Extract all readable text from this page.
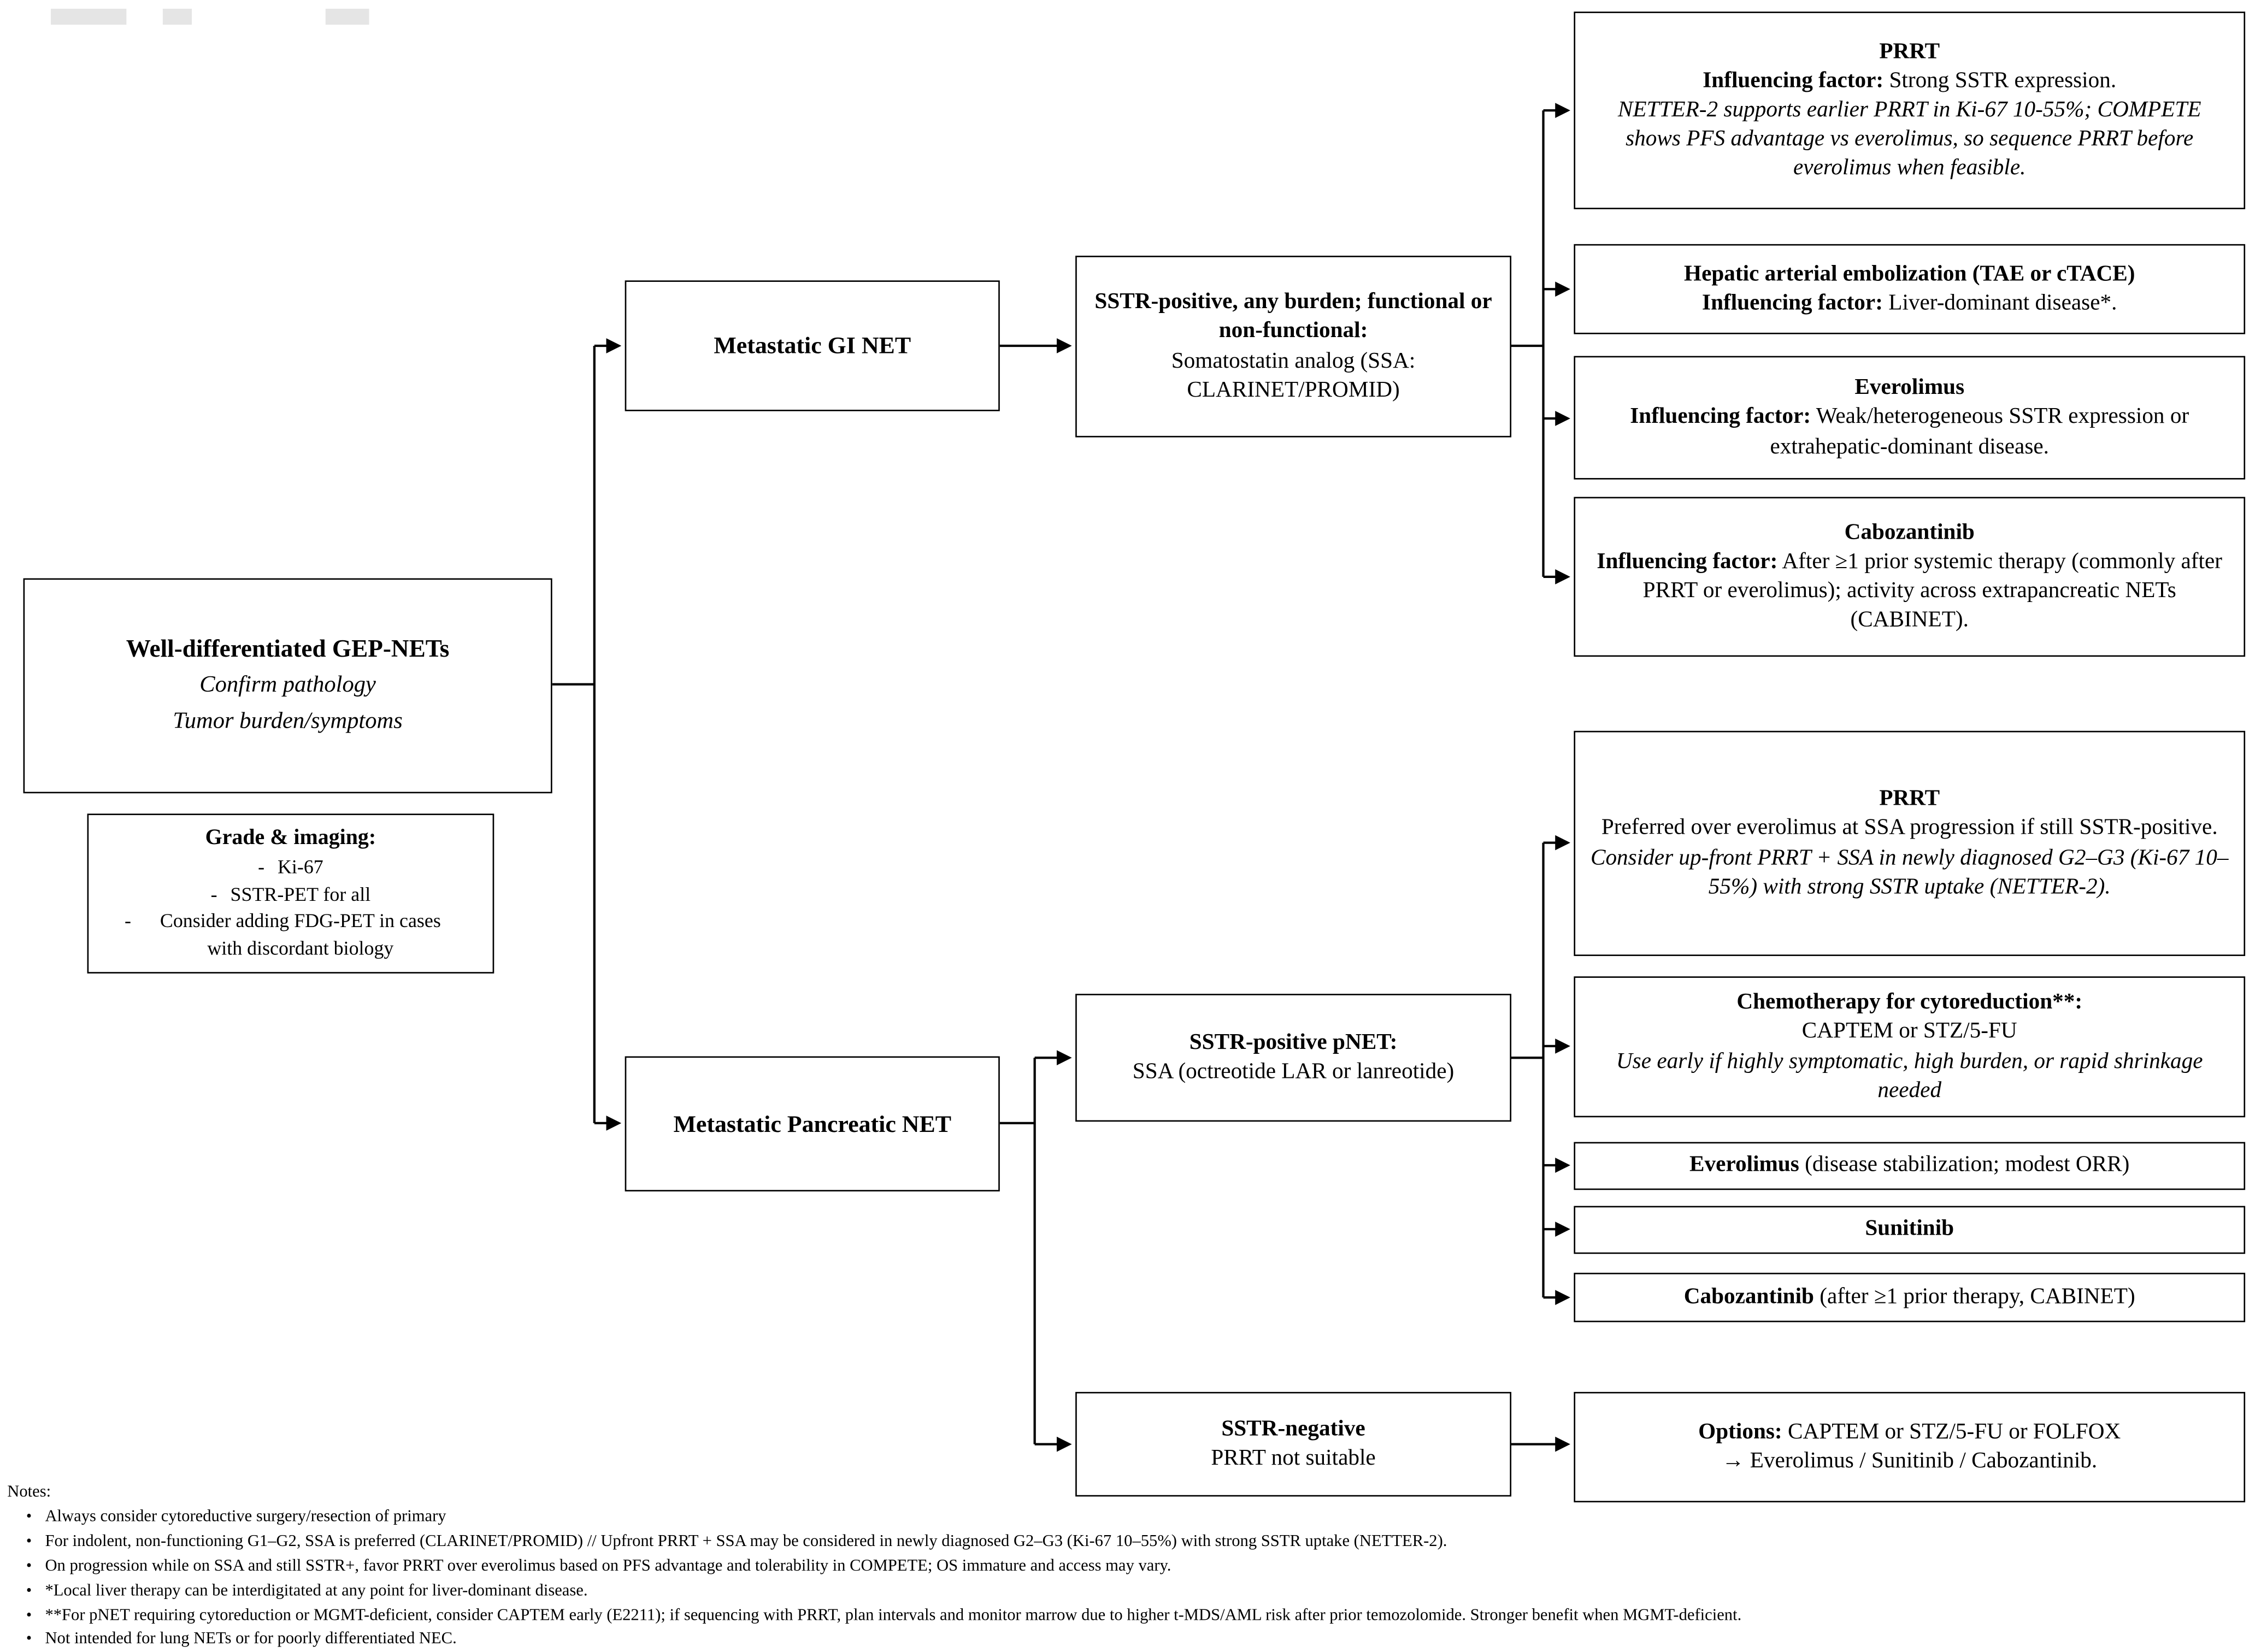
Well-differentiated GEP-NETs
Confirm pathology
Tumor burden/symptoms
Grade & imaging:
- Ki-67
- SSTR-PET for all
-	Consider adding FDG-PET in cases with discordant biology
Metastatic GI NET
Metastatic Pancreatic NET
SSTR-positive, any burden; functional or non-functional:
Somatostatin analog (SSA: CLARINET/PROMID)
SSTR-positive pNET:
SSA (octreotide LAR or lanreotide)
SSTR-negative
PRRT not suitable
PRRT
Influencing factor: Strong SSTR expression.
NETTER-2 supports earlier PRRT in Ki-67 10-55%; COMPETE shows PFS advantage vs everolimus, so sequence PRRT before everolimus when feasible.
Hepatic arterial embolization (TAE or cTACE)
Influencing factor: Liver-dominant disease*.
Everolimus
Influencing factor: Weak/heterogeneous SSTR expression or extrahepatic-dominant disease.
Cabozantinib
Influencing factor: After ≥1 prior systemic therapy (commonly after PRRT or everolimus); activity across extrapancreatic NETs (CABINET).
PRRT
Preferred over everolimus at SSA progression if still SSTR-positive.
Consider up-front PRRT + SSA in newly diagnosed G2–G3 (Ki-67 10–55%) with strong SSTR uptake (NETTER-2).
Chemotherapy for cytoreduction**:
CAPTEM or STZ/5-FU
Use early if highly symptomatic, high burden, or rapid shrinkage needed
Everolimus (disease stabilization; modest ORR)
Sunitinib
Cabozantinib (after ≥1 prior therapy, CABINET)
Options: CAPTEM or STZ/5-FU or FOLFOX
→ Everolimus / Sunitinib / Cabozantinib.
Notes:
•	Always consider cytoreductive surgery/resection of primary
•	For indolent, non-functioning G1–G2, SSA is preferred (CLARINET/PROMID) // Upfront PRRT + SSA may be considered in newly diagnosed G2–G3 (Ki-67 10–55%) with strong SSTR uptake (NETTER-2).
•	On progression while on SSA and still SSTR+, favor PRRT over everolimus based on PFS advantage and tolerability in COMPETE; OS immature and access may vary.
•	*Local liver therapy can be interdigitated at any point for liver-dominant disease.
•	**For pNET requiring cytoreduction or MGMT-deficient, consider CAPTEM early (E2211); if sequencing with PRRT, plan intervals and monitor marrow due to higher t-MDS/AML risk after prior temozolomide. Stronger benefit when MGMT-deficient.
•	Not intended for lung NETs or for poorly differentiated NEC.
